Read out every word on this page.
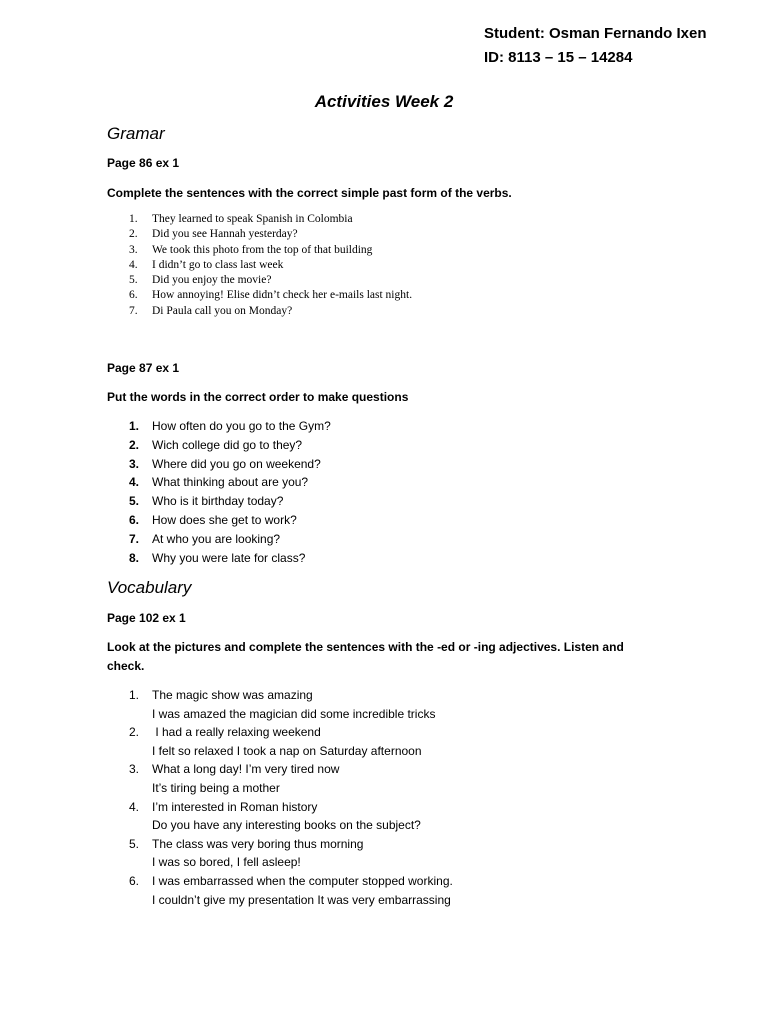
Student: Osman Fernando Ixen
ID: 8113 – 15 – 14284
Activities Week 2
Gramar
Page 86 ex 1
Complete the sentences with the correct simple past form of the verbs.
1. They learned to speak Spanish in Colombia
2. Did you see Hannah yesterday?
3. We took this photo from the top of that building
4. I didn’t go to class last week
5. Did you enjoy the movie?
6. How annoying! Elise didn’t check her e-mails last night.
7. Di Paula call you on Monday?
Page 87 ex 1
Put the words in the correct order to make questions
1. How often do you go to the Gym?
2. Wich college did go to they?
3. Where did you go on weekend?
4. What thinking about are you?
5. Who is it birthday today?
6. How does she get to work?
7. At who you are looking?
8. Why you were late for class?
Vocabulary
Page 102 ex 1
Look at the pictures and complete the sentences with the -ed or -ing adjectives. Listen and check.
1. The magic show was amazing
I was amazed the magician did some incredible tricks
2. I had a really relaxing weekend
I felt so relaxed I took a nap on Saturday afternoon
3. What a long day! I’m very tired now
It’s tiring being a mother
4. I’m interested in Roman history
Do you have any interesting books on the subject?
5. The class was very boring thus morning
I was so bored, I fell asleep!
6. I was embarrassed when the computer stopped working.
I couldn’t give my presentation It was very embarrassing
